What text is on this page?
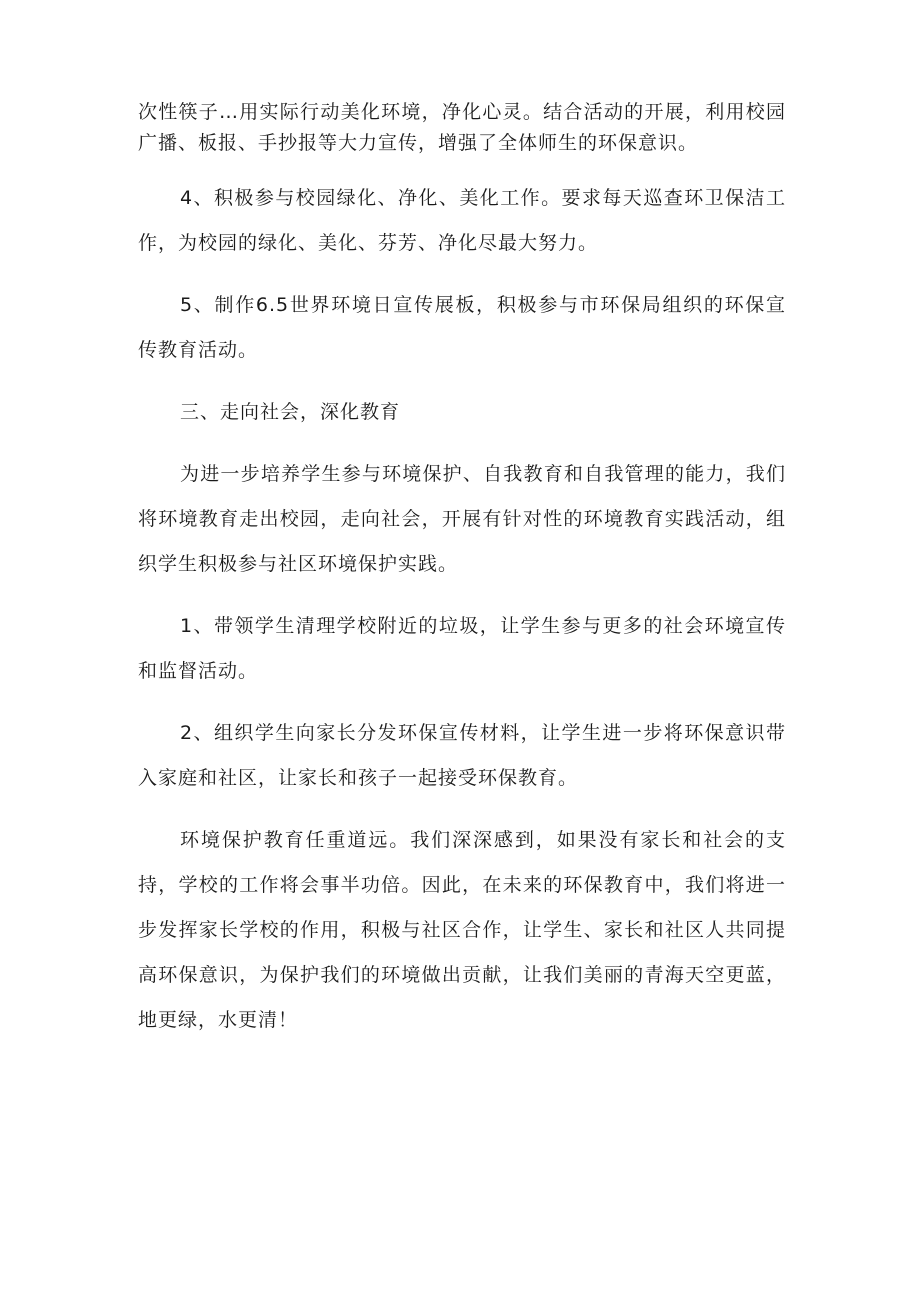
次性筷子…用实际行动美化环境，净化心灵。结合活动的开展，利用校园广播、板报、手抄报等大力宣传，增强了全体师生的环保意识。

4、积极参与校园绿化、净化、美化工作。要求每天巡查环卫保洁工作，为校园的绿化、美化、芬芳、净化尽最大努力。

5、制作6.5世界环境日宣传展板，积极参与市环保局组织的环保宣传教育活动。

三、走向社会，深化教育

为进一步培养学生参与环境保护、自我教育和自我管理的能力，我们将环境教育走出校园，走向社会，开展有针对性的环境教育实践活动，组织学生积极参与社区环境保护实践。

1、带领学生清理学校附近的垃圾，让学生参与更多的社会环境宣传和监督活动。

2、组织学生向家长分发环保宣传材料，让学生进一步将环保意识带入家庭和社区，让家长和孩子一起接受环保教育。

环境保护教育任重道远。我们深深感到，如果没有家长和社会的支持，学校的工作将会事半功倍。因此，在未来的环保教育中，我们将进一步发挥家长学校的作用，积极与社区合作，让学生、家长和社区人共同提高环保意识，为保护我们的环境做出贡献，让我们美丽的青海天空更蓝，地更绿，水更清！
